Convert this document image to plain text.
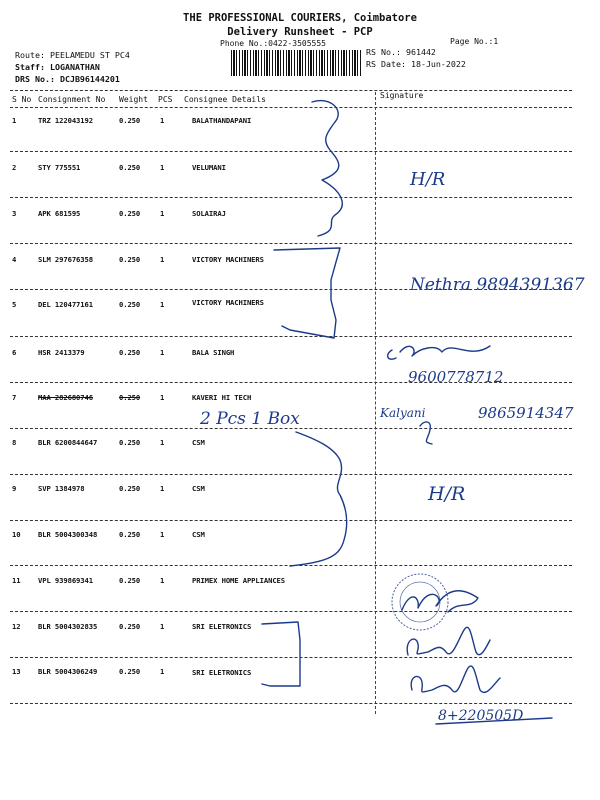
THE PROFESSIONAL COURIERS, Coimbatore
Delivery Runsheet - PCP
Phone No.:0422-3505555	Page No.:1
Route: PEELAMEDU ST PC4
Staff: LOGANATHAN
DRS No.: DCJB96144201
RS No.: 961442
RS Date: 18-Jun-2022
S No Consignment No Weight PCS Consignee Details	Signature
1	TRZ 122043192	0.250	1	BALATHANDAPANI
2	STY 775551	0.250	1	VELUMANI
3	APK 681595	0.250	1	SOLAIRAJ
4	SLM 297676358	0.250	1	VICTORY MACHINERS
5	DEL 120477161	0.250	1	VICTORY MACHINERS
6	HSR 2413379	0.250	1	BALA SINGH
7	MAA 282680746	0.250	1	KAVERI HI TECH
8	BLR 6200844647	0.250	1	CSM
9	SVP 1384978	0.250	1	CSM
10 BLR 5004300348	0.250	1	CSM
11 VPL 939869341	0.250	1	PRIMEX HOME APPLIANCES
12 BLR 5004302835	0.250	1	SRI ELETRONICS
13 BLR 5004306249	0.250	1	SRI ELETRONICS
H/R
Nethra 9894391367
9600778712
Kalyani	9865914347
2 Pcs 1 Box
H/R
8+220505D
